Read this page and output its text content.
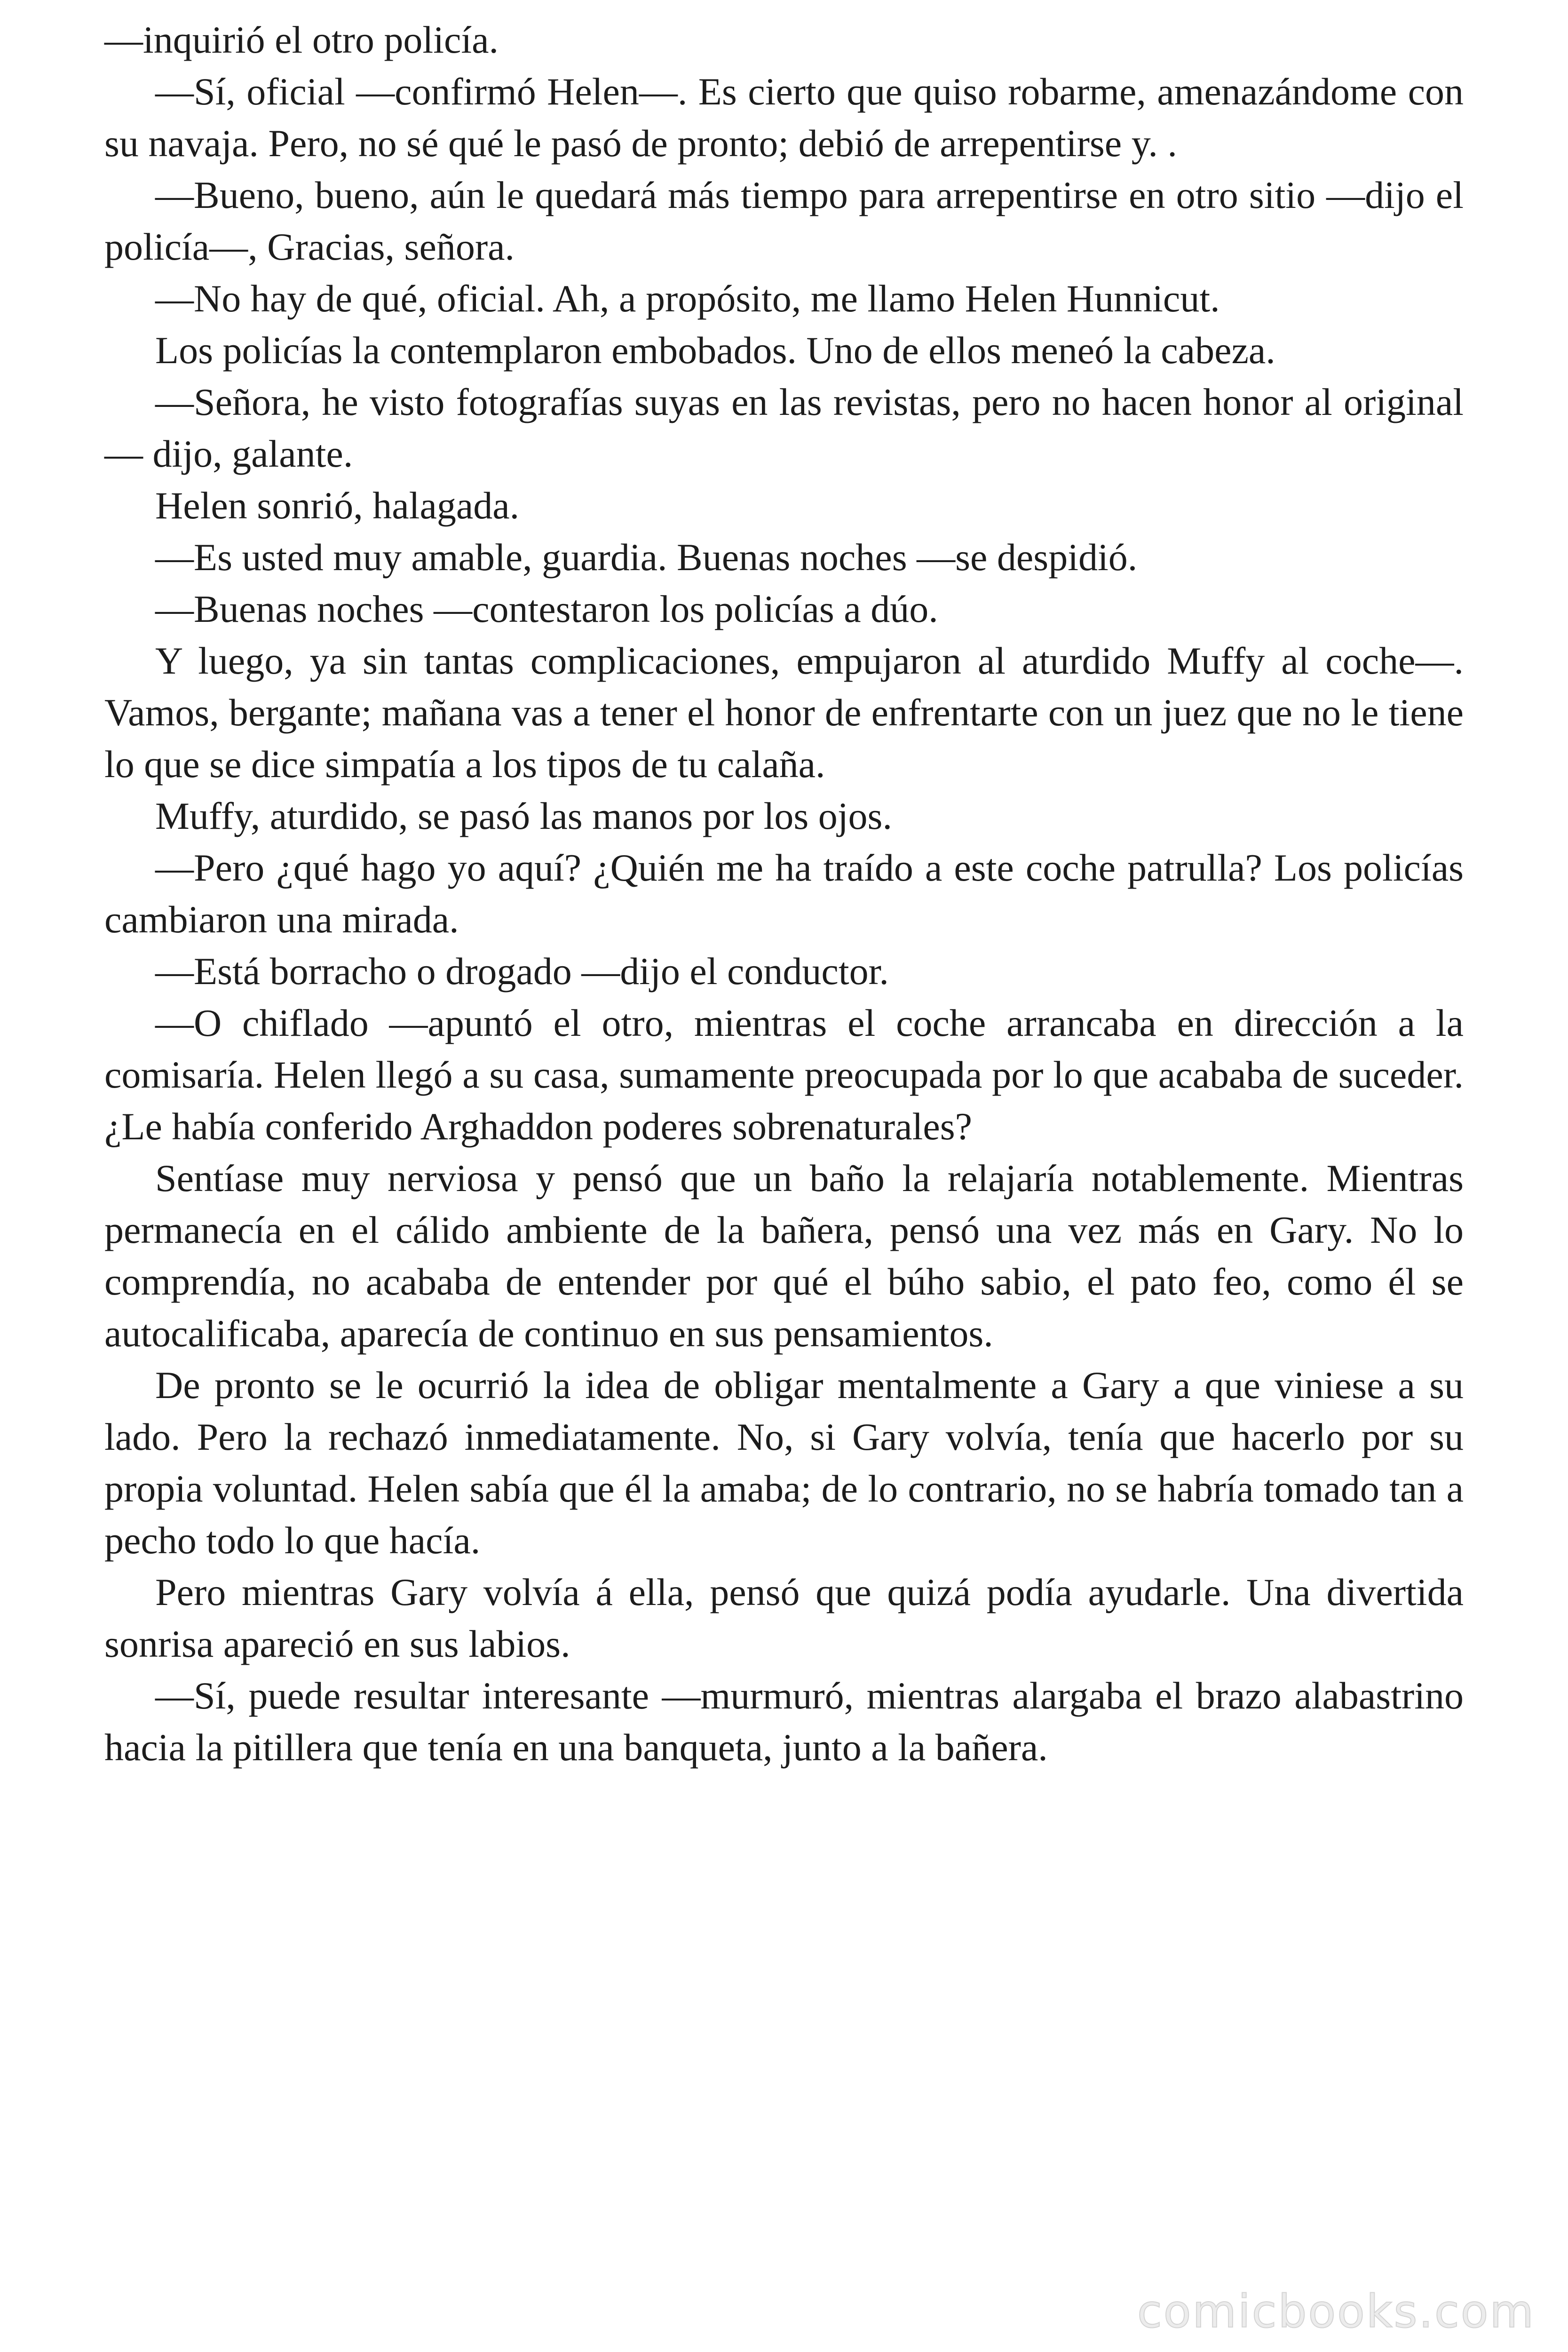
—inquirió el otro policía.

—Sí, oficial —confirmó Helen—. Es cierto que quiso robarme, amenazándome con su navaja. Pero, no sé qué le pasó de pronto; debió de arrepentirse y. .

—Bueno, bueno, aún le quedará más tiempo para arrepentirse en otro sitio —dijo el policía—, Gracias, señora.

—No hay de qué, oficial. Ah, a propósito, me llamo Helen Hunnicut.

Los policías la contemplaron embobados. Uno de ellos meneó la cabeza.

—Señora, he visto fotografías suyas en las revistas, pero no hacen honor al original — dijo, galante.

Helen sonrió, halagada.

—Es usted muy amable, guardia. Buenas noches —se despidió.

—Buenas noches —contestaron los policías a dúo.

Y luego, ya sin tantas complicaciones, empujaron al aturdido Muffy al coche—. Vamos, bergante; mañana vas a tener el honor de enfrentarte con un juez que no le tiene lo que se dice simpatía a los tipos de tu calaña.

Muffy, aturdido, se pasó las manos por los ojos.

—Pero ¿qué hago yo aquí? ¿Quién me ha traído a este coche patrulla? Los policías cambiaron una mirada.

—Está borracho o drogado —dijo el conductor.

—O chiflado —apuntó el otro, mientras el coche arrancaba en dirección a la comisaría. Helen llegó a su casa, sumamente preocupada por lo que acababa de suceder. ¿Le había conferido Arghaddon poderes sobrenaturales?

Sentíase muy nerviosa y pensó que un baño la relajaría notablemente. Mientras permanecía en el cálido ambiente de la bañera, pensó una vez más en Gary. No lo comprendía, no acababa de entender por qué el búho sabio, el pato feo, como él se autocalificaba, aparecía de continuo en sus pensamientos.

De pronto se le ocurrió la idea de obligar mentalmente a Gary a que viniese a su lado. Pero la rechazó inmediatamente. No, si Gary volvía, tenía que hacerlo por su propia voluntad. Helen sabía que él la amaba; de lo contrario, no se habría tomado tan a pecho todo lo que hacía.

Pero mientras Gary volvía á ella, pensó que quizá podía ayudarle. Una divertida sonrisa apareció en sus labios.

—Sí, puede resultar interesante —murmuró, mientras alargaba el brazo alabastrino hacia la pitillera que tenía en una banqueta, junto a la bañera.

comicbooks.com
